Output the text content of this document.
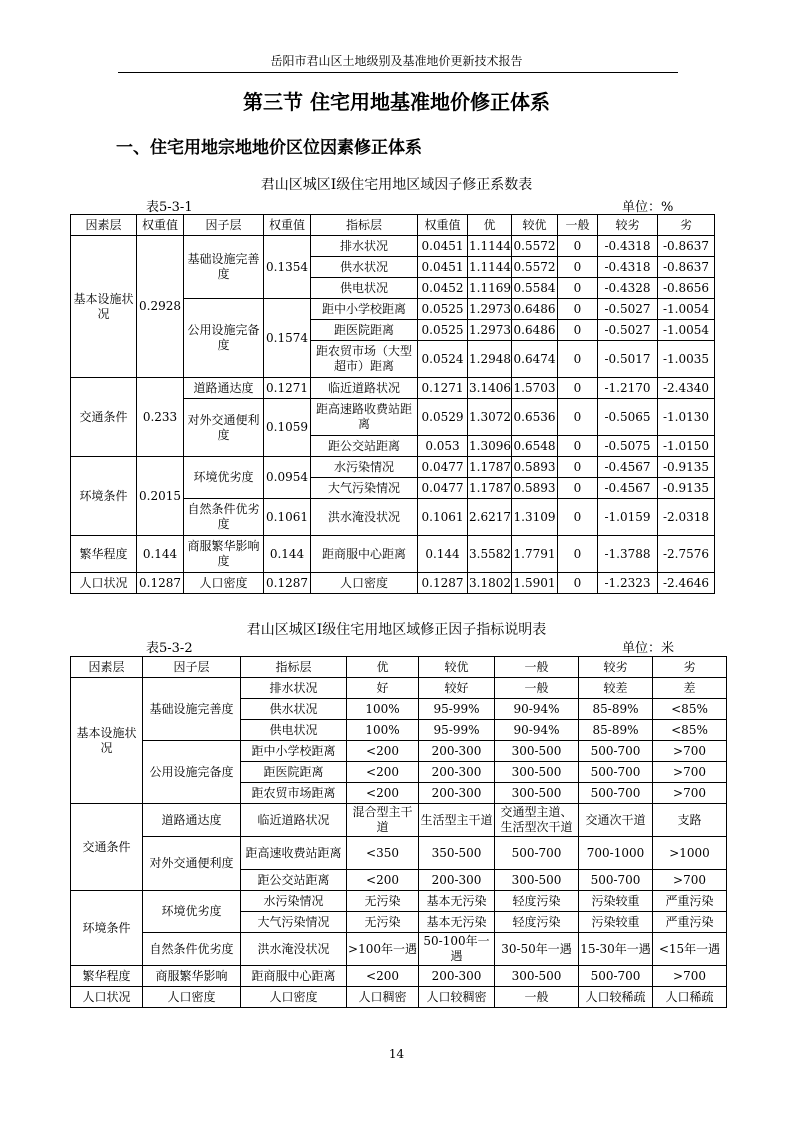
岳阳市君山区土地级别及基准地价更新技术报告
第三节 住宅用地基准地价修正体系
一、住宅用地宗地地价区位因素修正体系
君山区城区Ⅰ级住宅用地区域因子修正系数表
表5-3-1	单位：%
因素层	权重值	因子层	权重值	指标层	权重值	优	较优	一般	较劣	劣
基本设施状况	0.2928	基础设施完善度	0.1354	排水状况	0.0451	1.1144	0.5572	0	-0.4318	-0.8637
				供水状况	0.0451	1.1144	0.5572	0	-0.4318	-0.8637
				供电状况	0.0452	1.1169	0.5584	0	-0.4328	-0.8656
		公用设施完备度	0.1574	距中小学校距离	0.0525	1.2973	0.6486	0	-0.5027	-1.0054
				距医院距离	0.0525	1.2973	0.6486	0	-0.5027	-1.0054
				距农贸市场（大型超市）距离	0.0524	1.2948	0.6474	0	-0.5017	-1.0035
交通条件	0.233	道路通达度	0.1271	临近道路状况	0.1271	3.1406	1.5703	0	-1.2170	-2.4340
		对外交通便利度	0.1059	距高速路收费站距离	0.0529	1.3072	0.6536	0	-0.5065	-1.0130
				距公交站距离	0.053	1.3096	0.6548	0	-0.5075	-1.0150
环境条件	0.2015	环境优劣度	0.0954	水污染情况	0.0477	1.1787	0.5893	0	-0.4567	-0.9135
				大气污染情况	0.0477	1.1787	0.5893	0	-0.4567	-0.9135
		自然条件优劣度	0.1061	洪水淹没状况	0.1061	2.6217	1.3109	0	-1.0159	-2.0318
繁华程度	0.144	商服繁华影响度	0.144	距商服中心距离	0.144	3.5582	1.7791	0	-1.3788	-2.7576
人口状况	0.1287	人口密度	0.1287	人口密度	0.1287	3.1802	1.5901	0	-1.2323	-2.4646
君山区城区Ⅰ级住宅用地区域修正因子指标说明表
表5-3-2	单位：米
因素层	因子层	指标层	优	较优	一般	较劣	劣
基本设施状况	基础设施完善度	排水状况	好	较好	一般	较差	差
		供水状况	100%	95-99%	90-94%	85-89%	<85%
		供电状况	100%	95-99%	90-94%	85-89%	<85%
	公用设施完备度	距中小学校距离	<200	200-300	300-500	500-700	>700
		距医院距离	<200	200-300	300-500	500-700	>700
		距农贸市场距离	<200	200-300	300-500	500-700	>700
交通条件	道路通达度	临近道路状况	混合型主干道	生活型主干道	交通型主道、生活型次干道	交通次干道	支路
	对外交通便利度	距高速收费站距离	<350	350-500	500-700	700-1000	>1000
		距公交站距离	<200	200-300	300-500	500-700	>700
环境条件	环境优劣度	水污染情况	无污染	基本无污染	轻度污染	污染较重	严重污染
		大气污染情况	无污染	基本无污染	轻度污染	污染较重	严重污染
	自然条件优劣度	洪水淹没状况	>100年一遇	50-100年一遇	30-50年一遇	15-30年一遇	<15年一遇
繁华程度	商服繁华影响	距商服中心距离	<200	200-300	300-500	500-700	>700
人口状况	人口密度	人口密度	人口稠密	人口较稠密	一般	人口较稀疏	人口稀疏
14
